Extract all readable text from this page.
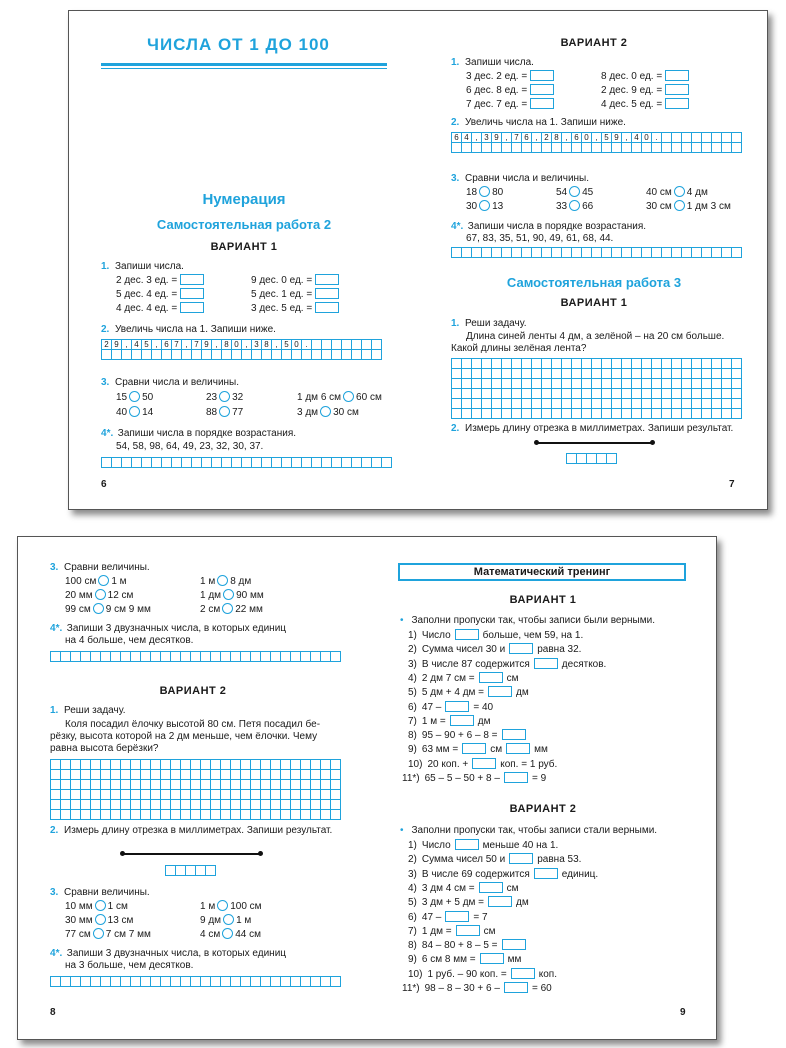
ЧИСЛА ОТ 1 ДО 100
Нумерация
Самостоятельная работа 2
ВАРИАНТ 1
1. Запиши числа.
2 дес. 3 ед. =	9 дес. 0 ед. =
5 дес. 4 ед. =	5 дес. 1 ед. =
4 дес. 4 ед. =	3 дес. 5 ед. =
2. Увеличь числа на 1. Запиши ниже.
2 9 , 4 5 , 6 7 , 7 9 , 8 0 , 3 8 , 5 0 .
3. Сравни числа и величины.
15 50	23 32	1 дм 6 см 60 см
40 14	88 77	3 дм 30 см
4*. Запиши числа в порядке возрастания.
54, 58, 98, 64, 49, 23, 32, 30, 37.
6
ВАРИАНТ 2
1. Запиши числа.
3 дес. 2 ед. =	8 дес. 0 ед. =
6 дес. 8 ед. =	2 дес. 9 ед. =
7 дес. 7 ед. =	4 дес. 5 ед. =
2. Увеличь числа на 1. Запиши ниже.
6 4 , 3 9 , 7 6 , 2 8 , 6 0 , 5 9 , 4 0 .
3. Сравни числа и величины.
18 80	54 45	40 см 4 дм
30 13	33 66	30 см 1 дм 3 см
4*. Запиши числа в порядке возрастания.
67, 83, 35, 51, 90, 49, 61, 68, 44.
Самостоятельная работа 3
ВАРИАНТ 1
1. Реши задачу.
Длина синей ленты 4 дм, а зелёной – на 20 см больше.
Какой длины зелёная лента?
2. Измерь длину отрезка в миллиметрах. Запиши результат.
7
3. Сравни величины.
100 см 1 м	1 м 8 дм
20 мм 12 см	1 дм 90 мм
99 см 9 см 9 мм	2 см 22 мм
4*. Запиши 3 двузначных числа, в которых единиц
на 4 больше, чем десятков.
ВАРИАНТ 2
1. Реши задачу.
Коля посадил ёлочку высотой 80 см. Петя посадил бе-
рёзку, высота которой на 2 дм меньше, чем ёлочки. Чему
равна высота берёзки?
2. Измерь длину отрезка в миллиметрах. Запиши результат.
3. Сравни величины.
10 мм 1 см	1 м 100 см
30 мм 13 см	9 дм 1 м
77 см 7 см 7 мм	4 см 44 см
4*. Запиши 3 двузначных числа, в которых единиц
на 3 больше, чем десятков.
8
Математический тренинг
ВАРИАНТ 1
• Заполни пропуски так, чтобы записи были верными.
1) Число	больше, чем 59, на 1.
2) Сумма чисел 30 и	равна 32.
3) В числе 87 содержится	десятков.
4) 2 дм 7 см =	см
5) 5 дм + 4 дм =	дм
6) 47 –	= 40
7) 1 м =	дм
8) 95 – 90 + 6 – 8 =
9) 63 мм =	см	мм
10) 20 коп. +	коп. = 1 руб.
11*) 65 – 5 – 50 + 8 –	= 9
ВАРИАНТ 2
• Заполни пропуски так, чтобы записи стали верными.
1) Число	меньше 40 на 1.
2) Сумма чисел 50 и	равна 53.
3) В числе 69 содержится	единиц.
4) 3 дм 4 см =	см
5) 3 дм + 5 дм =	дм
6) 47 –	= 7
7) 1 дм =	см
8) 84 – 80 + 8 – 5 =
9) 6 см 8 мм =	мм
10) 1 руб. – 90 коп. =	коп.
11*) 98 – 8 – 30 + 6 –	= 60
9
